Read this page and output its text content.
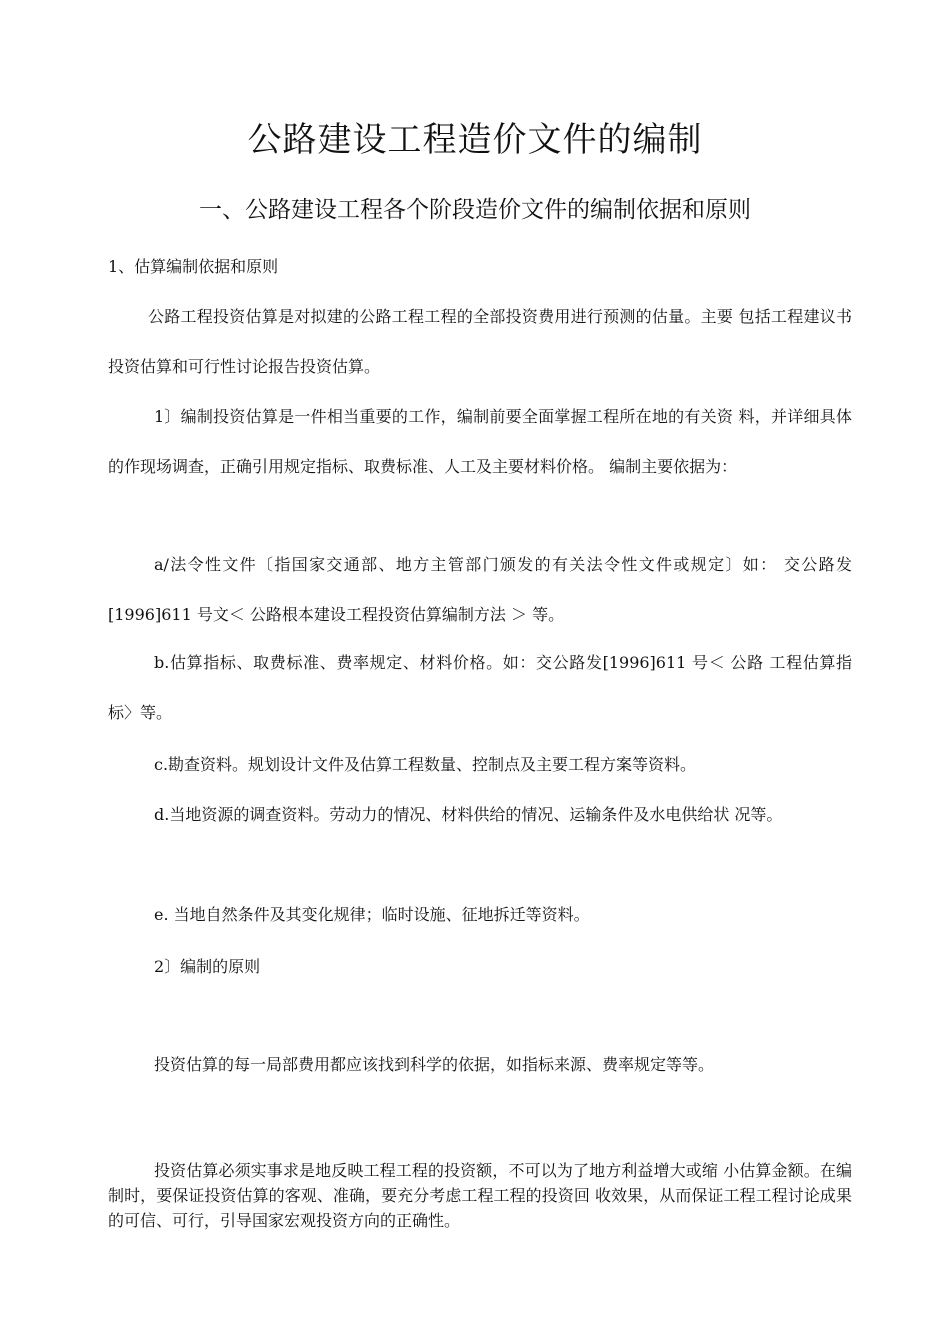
公路建设工程造价文件的编制
一、公路建设工程各个阶段造价文件的编制依据和原则

1、估算编制依据和原则

公路工程投资估算是对拟建的公路工程工程的全部投资费用进行预测的估量。主要 包括工程建议书投资估算和可行性讨论报告投资估算。

1〕编制投资估算是一件相当重要的工作，编制前要全面掌握工程所在地的有关资 料，并详细具体的作现场调查，正确引用规定指标、取费标准、人工及主要材料价格。 编制主要依据为：

a/法令性文件〔指国家交通部、地方主管部门颁发的有关法令性文件或规定〕如： 交公路发[1996]611 号文＜ 公路根本建设工程投资估算编制方法 ＞ 等。

b.估算指标、取费标准、费率规定、材料价格。如：交公路发[1996]611 号＜ 公路 工程估算指标〉等。

c.勘查资料。规划设计文件及估算工程数量、控制点及主要工程方案等资料。

d.当地资源的调查资料。劳动力的情况、材料供给的情况、运输条件及水电供给状 况等。

e. 当地自然条件及其变化规律；临时设施、征地拆迁等资料。

2〕编制的原则

投资估算的每一局部费用都应该找到科学的依据，如指标来源、费率规定等等。

投资估算必须实事求是地反映工程工程的投资额，不可以为了地方利益增大或缩 小估算金额。在编制时，要保证投资估算的客观、准确，要充分考虑工程工程的投资回 收效果，从而保证工程工程讨论成果的可信、可行，引导国家宏观投资方向的正确性。
